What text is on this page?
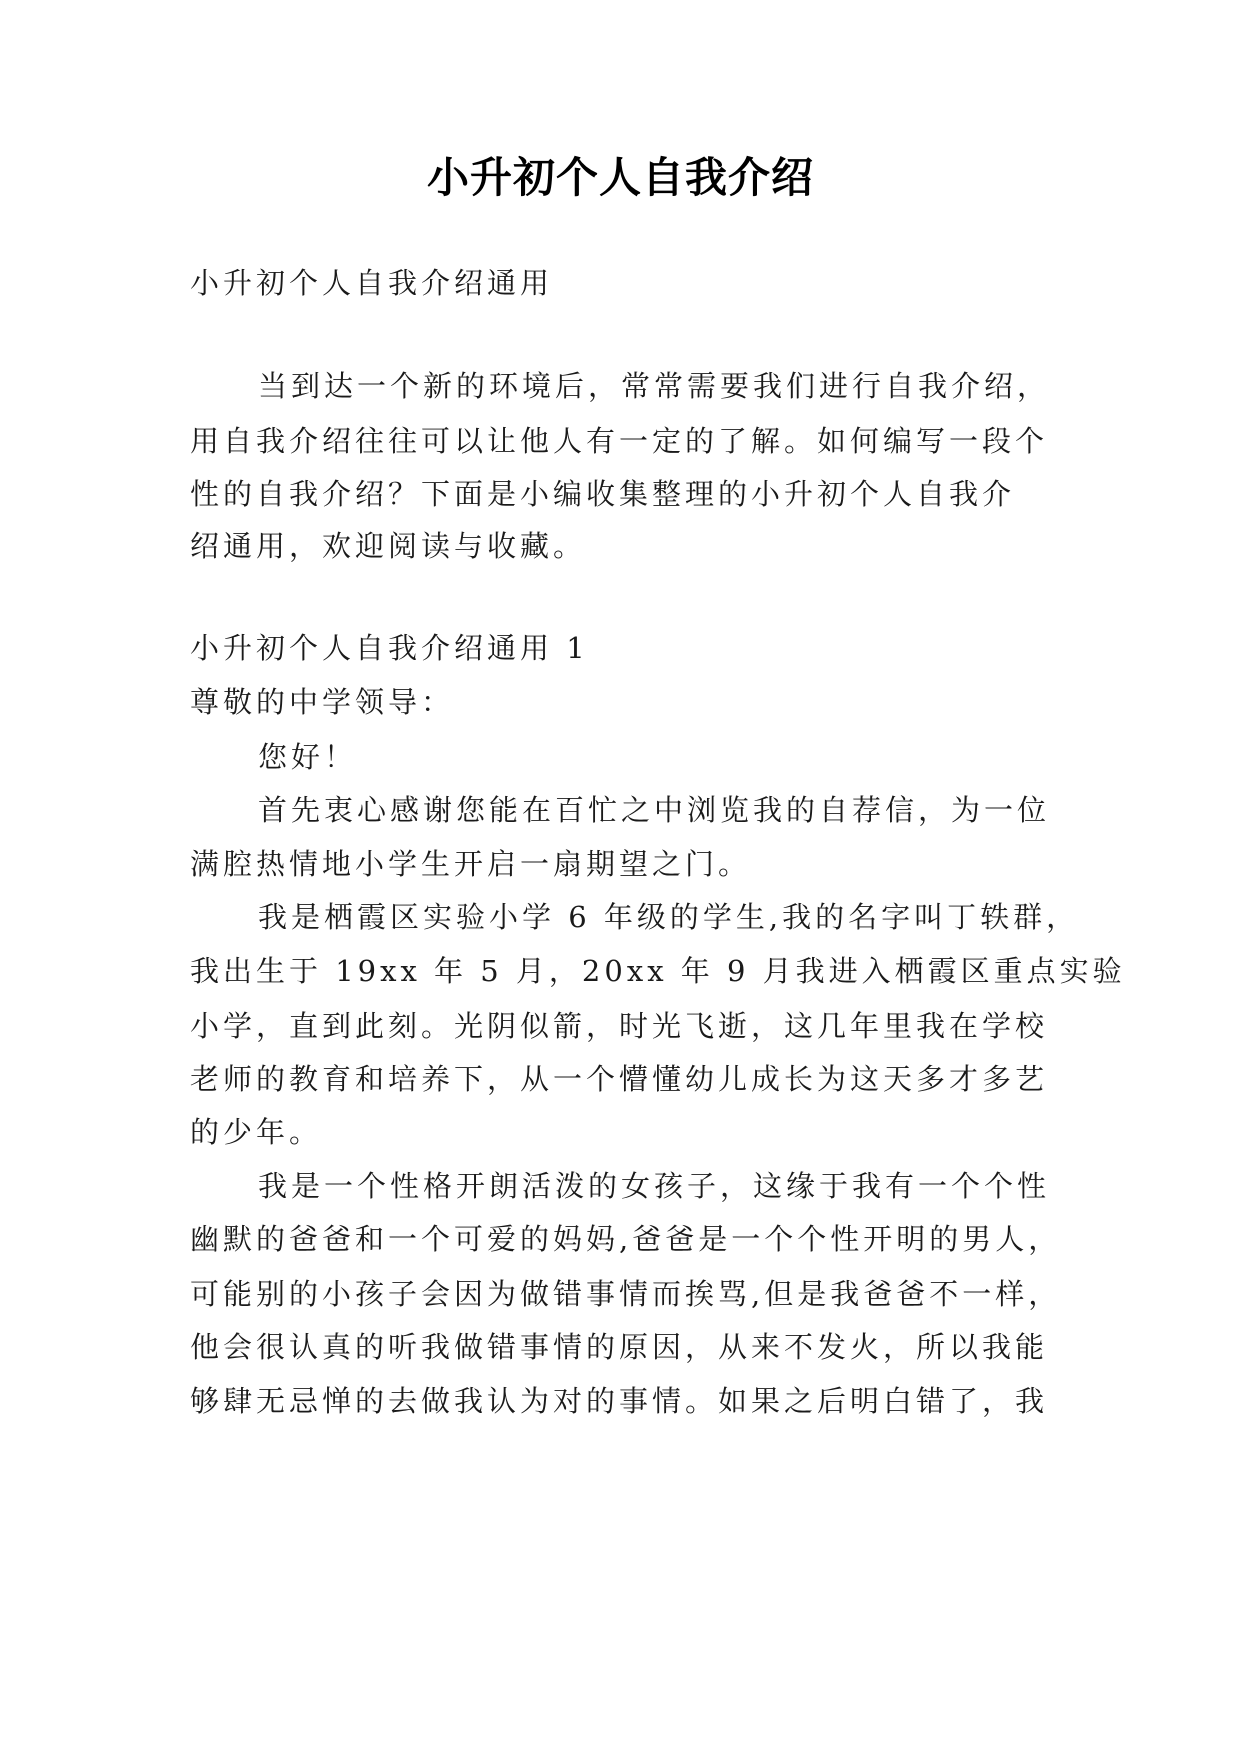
小升初个人自我介绍
小升初个人自我介绍通用
当到达一个新的环境后，常常需要我们进行自我介绍，
用自我介绍往往可以让他人有一定的了解。如何编写一段个
性的自我介绍？下面是小编收集整理的小升初个人自我介
绍通用，欢迎阅读与收藏。
小升初个人自我介绍通用 1
尊敬的中学领导：
您好！
首先衷心感谢您能在百忙之中浏览我的自荐信，为一位
满腔热情地小学生开启一扇期望之门。
我是栖霞区实验小学 6 年级的学生,我的名字叫丁轶群，
我出生于 19xx 年 5 月，20xx 年 9 月我进入栖霞区重点实验
小学，直到此刻。光阴似箭，时光飞逝，这几年里我在学校
老师的教育和培养下，从一个懵懂幼儿成长为这天多才多艺
的少年。
我是一个性格开朗活泼的女孩子，这缘于我有一个个性
幽默的爸爸和一个可爱的妈妈,爸爸是一个个性开明的男人，
可能别的小孩子会因为做错事情而挨骂,但是我爸爸不一样，
他会很认真的听我做错事情的原因，从来不发火，所以我能
够肆无忌惮的去做我认为对的事情。如果之后明白错了，我
